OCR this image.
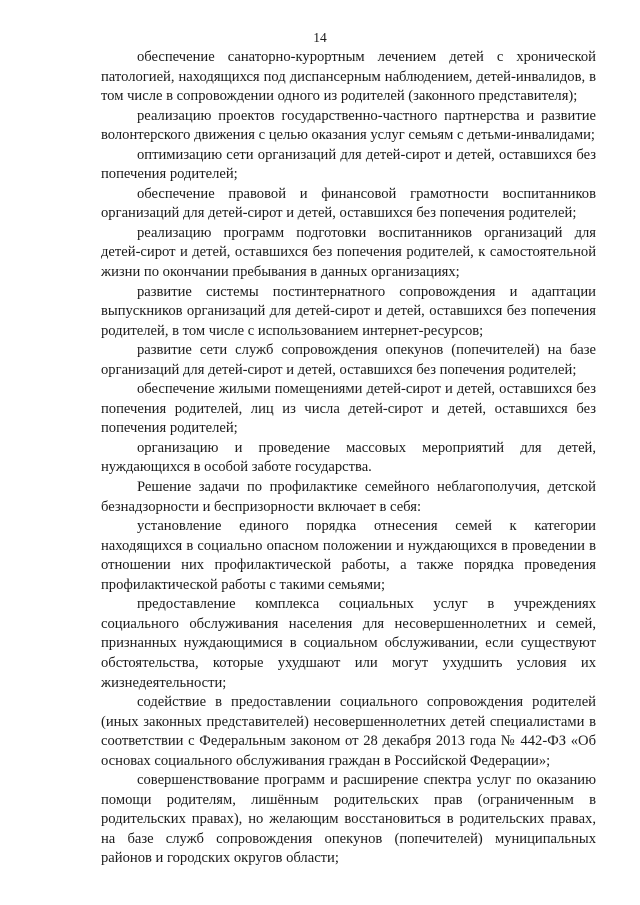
14

обеспечение санаторно-курортным лечением детей с хронической патологией, находящихся под диспансерным наблюдением, детей-инвалидов, в том числе в сопровождении одного из родителей (законного представителя);

реализацию проектов государственно-частного партнерства и развитие волонтерского движения с целью оказания услуг семьям с детьми-инвалидами;

оптимизацию сети организаций для детей-сирот и детей, оставшихся без попечения родителей;

обеспечение правовой и финансовой грамотности воспитанников организаций для детей-сирот и детей, оставшихся без попечения родителей;

реализацию программ подготовки воспитанников организаций для детей-сирот и детей, оставшихся без попечения родителей, к самостоятельной жизни по окончании пребывания в данных организациях;

развитие системы постинтернатного сопровождения и адаптации выпускников организаций для детей-сирот и детей, оставшихся без попечения родителей, в том числе с использованием интернет-ресурсов;

развитие сети служб сопровождения опекунов (попечителей) на базе организаций для детей-сирот и детей, оставшихся без попечения родителей;

обеспечение жилыми помещениями детей-сирот и детей, оставшихся без попечения родителей, лиц из числа детей-сирот и детей, оставшихся без попечения родителей;

организацию и проведение массовых мероприятий для детей, нуждающихся в особой заботе государства.

Решение задачи по профилактике семейного неблагополучия, детской безнадзорности и беспризорности включает в себя:

установление единого порядка отнесения семей к категории находящихся в социально опасном положении и нуждающихся в проведении в отношении них профилактической работы, а также порядка проведения профилактической работы с такими семьями;

предоставление комплекса социальных услуг в учреждениях социального обслуживания населения для несовершеннолетних и семей, признанных нуждающимися в социальном обслуживании, если существуют обстоятельства, которые ухудшают или могут ухудшить условия их жизнедеятельности;

содействие в предоставлении социального сопровождения родителей (иных законных представителей) несовершеннолетних детей специалистами в соответствии с Федеральным законом от 28 декабря 2013 года № 442-ФЗ «Об основах социального обслуживания граждан в Российской Федерации»;

совершенствование программ и расширение спектра услуг по оказанию помощи родителям, лишённым родительских прав (ограниченным в родительских правах), но желающим восстановиться в родительских правах, на базе служб сопровождения опекунов (попечителей) муниципальных районов и городских округов области;
